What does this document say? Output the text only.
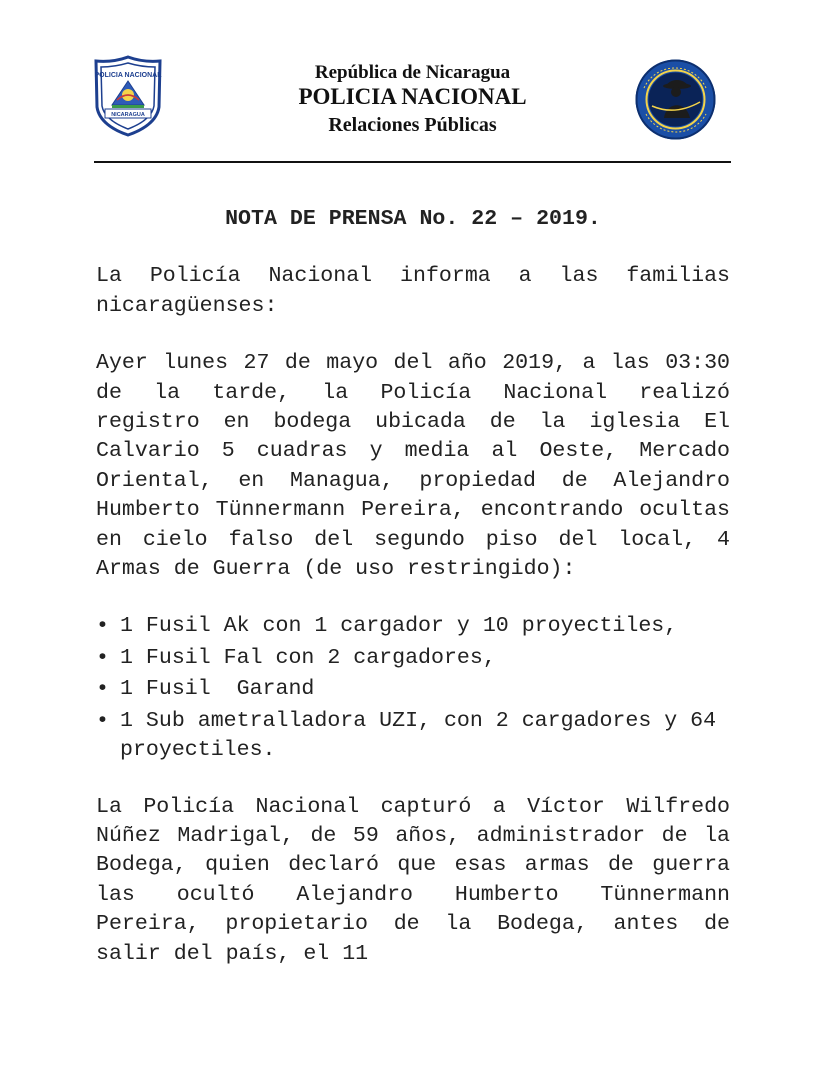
POLICIA NACIONAL
NICARAGUA
República de Nicaragua
POLICIA NACIONAL
Relaciones Públicas

NOTA DE PRENSA No. 22 – 2019.

La Policía Nacional informa a las familias nicaragüenses:

Ayer lunes 27 de mayo del año 2019, a las 03:30 de la tarde, la Policía Nacional realizó registro en bodega ubicada de la iglesia El Calvario 5 cuadras y media al Oeste, Mercado Oriental, en Managua, propiedad de Alejandro Humberto Tünnermann Pereira, encontrando ocultas en cielo falso del segundo piso del local, 4 Armas de Guerra (de uso restringido):

• 1 Fusil Ak con 1 cargador y 10 proyectiles,
• 1 Fusil Fal con 2 cargadores,
• 1 Fusil  Garand
• 1 Sub ametralladora UZI, con 2 cargadores y 64 proyectiles.

La Policía Nacional capturó a Víctor Wilfredo Núñez Madrigal, de 59 años, administrador de la Bodega, quien declaró que esas armas de guerra las ocultó Alejandro Humberto Tünnermann Pereira, propietario de la Bodega, antes de salir del país, el 11
